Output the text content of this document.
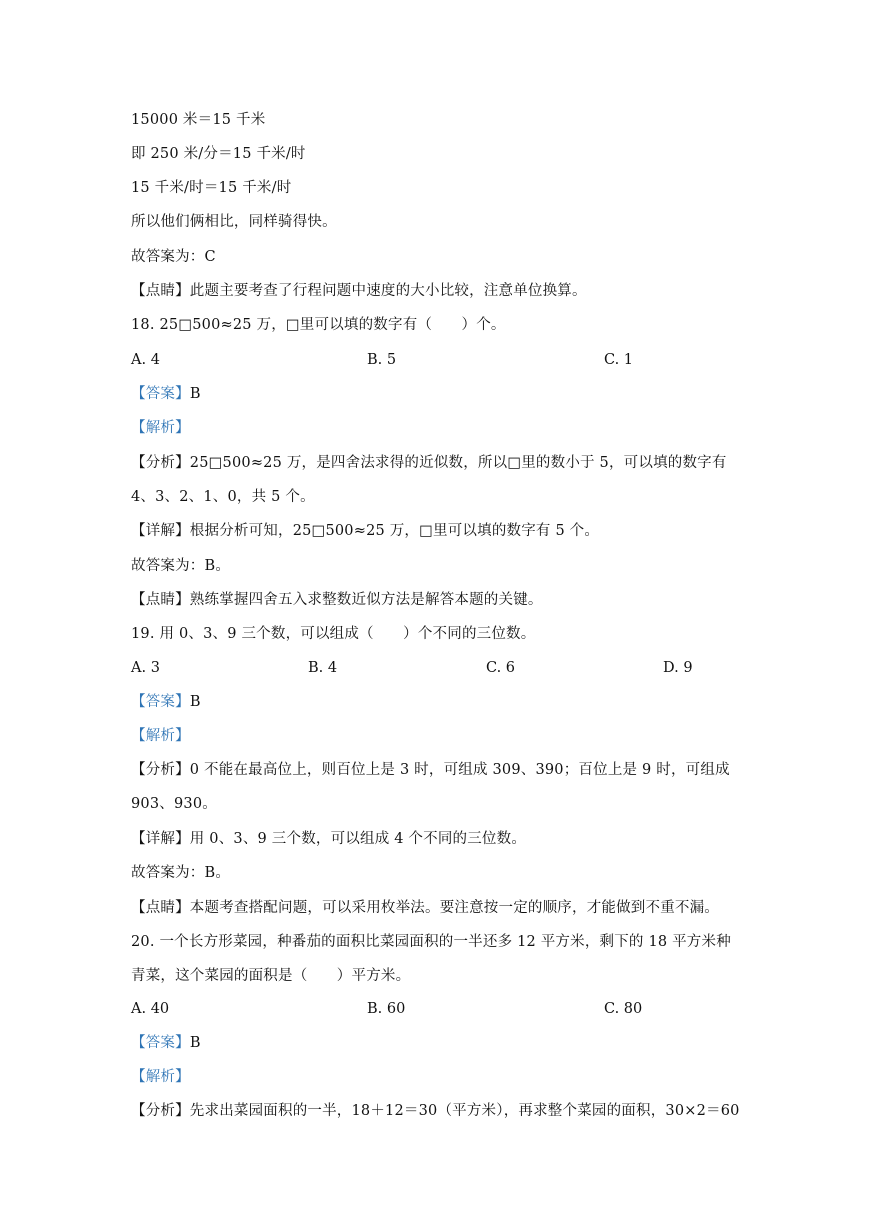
15000 米＝15 千米
即 250 米/分＝15 千米/时
15 千米/时＝15 千米/时
所以他们俩相比，同样骑得快。
故答案为：C
【点睛】此题主要考查了行程问题中速度的大小比较，注意单位换算。
18. 25□500≈25 万，□里可以填的数字有（　　）个。
A. 4	B. 5	C. 1
【答案】B
【解析】
【分析】25□500≈25 万，是四舍法求得的近似数，所以□里的数小于 5，可以填的数字有
4、3、2、1、0，共 5 个。
【详解】根据分析可知，25□500≈25 万，□里可以填的数字有 5 个。
故答案为：B。
【点睛】熟练掌握四舍五入求整数近似方法是解答本题的关键。
19. 用 0、3、9 三个数，可以组成（　　）个不同的三位数。
A. 3	B. 4	C. 6	D. 9
【答案】B
【解析】
【分析】0 不能在最高位上，则百位上是 3 时，可组成 309、390；百位上是 9 时，可组成
903、930。
【详解】用 0、3、9 三个数，可以组成 4 个不同的三位数。
故答案为：B。
【点睛】本题考查搭配问题，可以采用枚举法。要注意按一定的顺序，才能做到不重不漏。
20. 一个长方形菜园，种番茄的面积比菜园面积的一半还多 12 平方米，剩下的 18 平方米种
青菜，这个菜园的面积是（　　）平方米。
A. 40	B. 60	C. 80
【答案】B
【解析】
【分析】先求出菜园面积的一半，18＋12＝30（平方米），再求整个菜园的面积，30×2＝60
